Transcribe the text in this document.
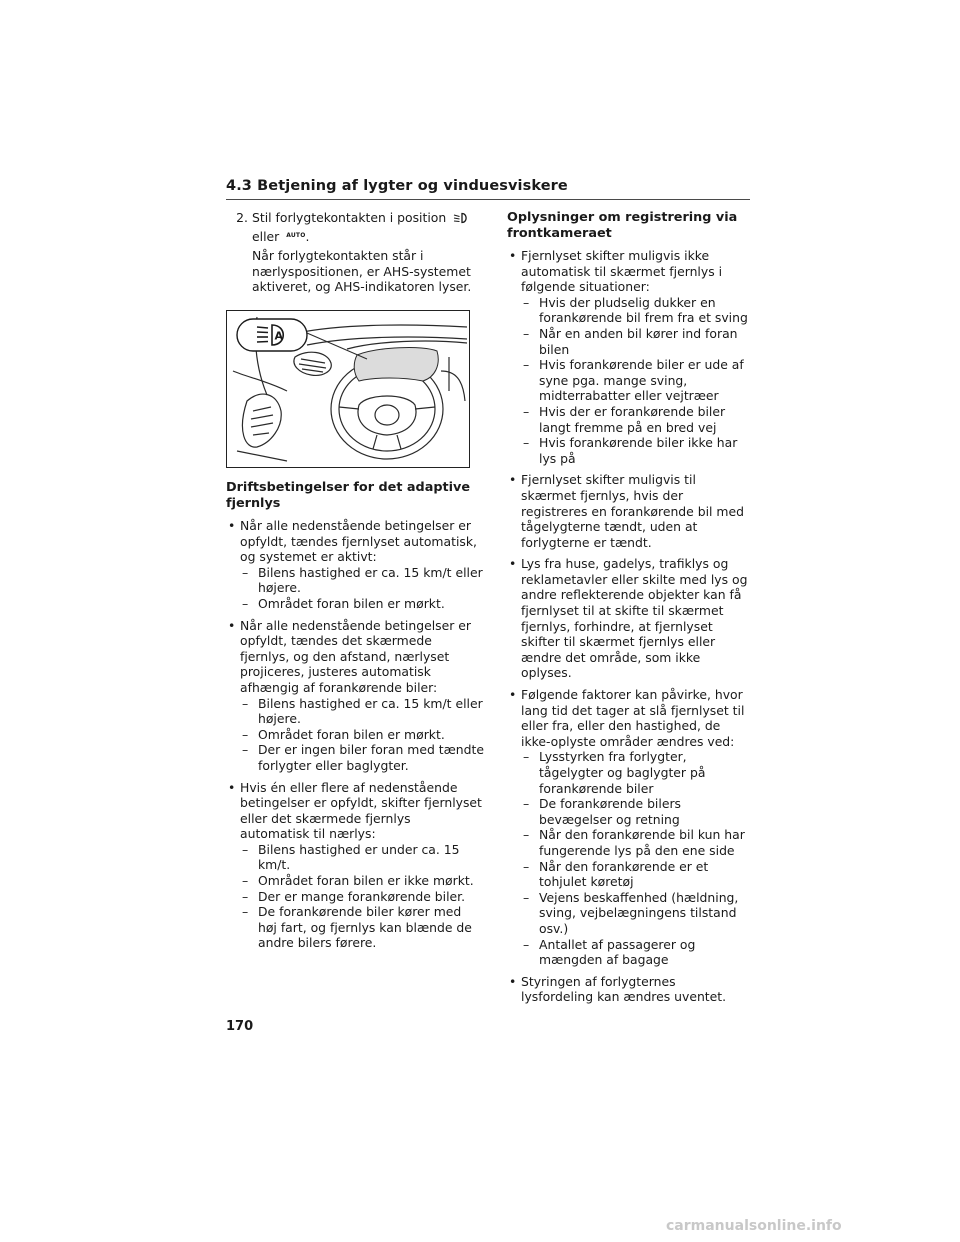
4.3 Betjening af lygter og vinduesviskere
2. Stil forlygtekontakten i position
eller AUTO.

Når forlygtekontakten står i nærlyspositionen, er AHS-systemet aktiveret, og AHS-indikatoren lyser.

A
Driftsbetingelser for det adaptive fjernlys
• Når alle nedenstående betingelser er opfyldt, tændes fjernlyset automatisk, og systemet er aktivt:
– Bilens hastighed er ca. 15 km/t eller højere.
– Området foran bilen er mørkt.
• Når alle nedenstående betingelser er opfyldt, tændes det skærmede fjernlys, og den afstand, nærlyset projiceres, justeres automatisk afhængig af forankørende biler:
– Bilens hastighed er ca. 15 km/t eller højere.
– Området foran bilen er mørkt.
– Der er ingen biler foran med tændte forlygter eller baglygter.
• Hvis én eller flere af nedenstående betingelser er opfyldt, skifter fjernlyset eller det skærmede fjernlys automatisk til nærlys:
– Bilens hastighed er under ca. 15 km/t.
– Området foran bilen er ikke mørkt.
– Der er mange forankørende biler.
– De forankørende biler kører med høj fart, og fjernlys kan blænde de andre bilers førere.
Oplysninger om registrering via frontkameraet
• Fjernlyset skifter muligvis ikke automatisk til skærmet fjernlys i følgende situationer:
– Hvis der pludselig dukker en forankørende bil frem fra et sving
– Når en anden bil kører ind foran bilen
– Hvis forankørende biler er ude af syne pga. mange sving, midterrabatter eller vejtræer
– Hvis der er forankørende biler langt fremme på en bred vej
– Hvis forankørende biler ikke har lys på
• Fjernlyset skifter muligvis til skærmet fjernlys, hvis der registreres en forankørende bil med tågelygterne tændt, uden at forlygterne er tændt.
• Lys fra huse, gadelys, trafiklys og reklametavler eller skilte med lys og andre reflekterende objekter kan få fjernlyset til at skifte til skærmet fjernlys, forhindre, at fjernlyset skifter til skærmet fjernlys eller ændre det område, som ikke oplyses.
• Følgende faktorer kan påvirke, hvor lang tid det tager at slå fjernlyset til eller fra, eller den hastighed, de ikke-oplyste områder ændres ved:
– Lysstyrken fra forlygter, tågelygter og baglygter på forankørende biler
– De forankørende bilers bevægelser og retning
– Når den forankørende bil kun har fungerende lys på den ene side
– Når den forankørende er et tohjulet køretøj
– Vejens beskaffenhed (hældning, sving, vejbelægningens tilstand osv.)
– Antallet af passagerer og mængden af bagage
• Styringen af forlygternes lysfordeling kan ændres uventet.
170
carmanualsonline.info
